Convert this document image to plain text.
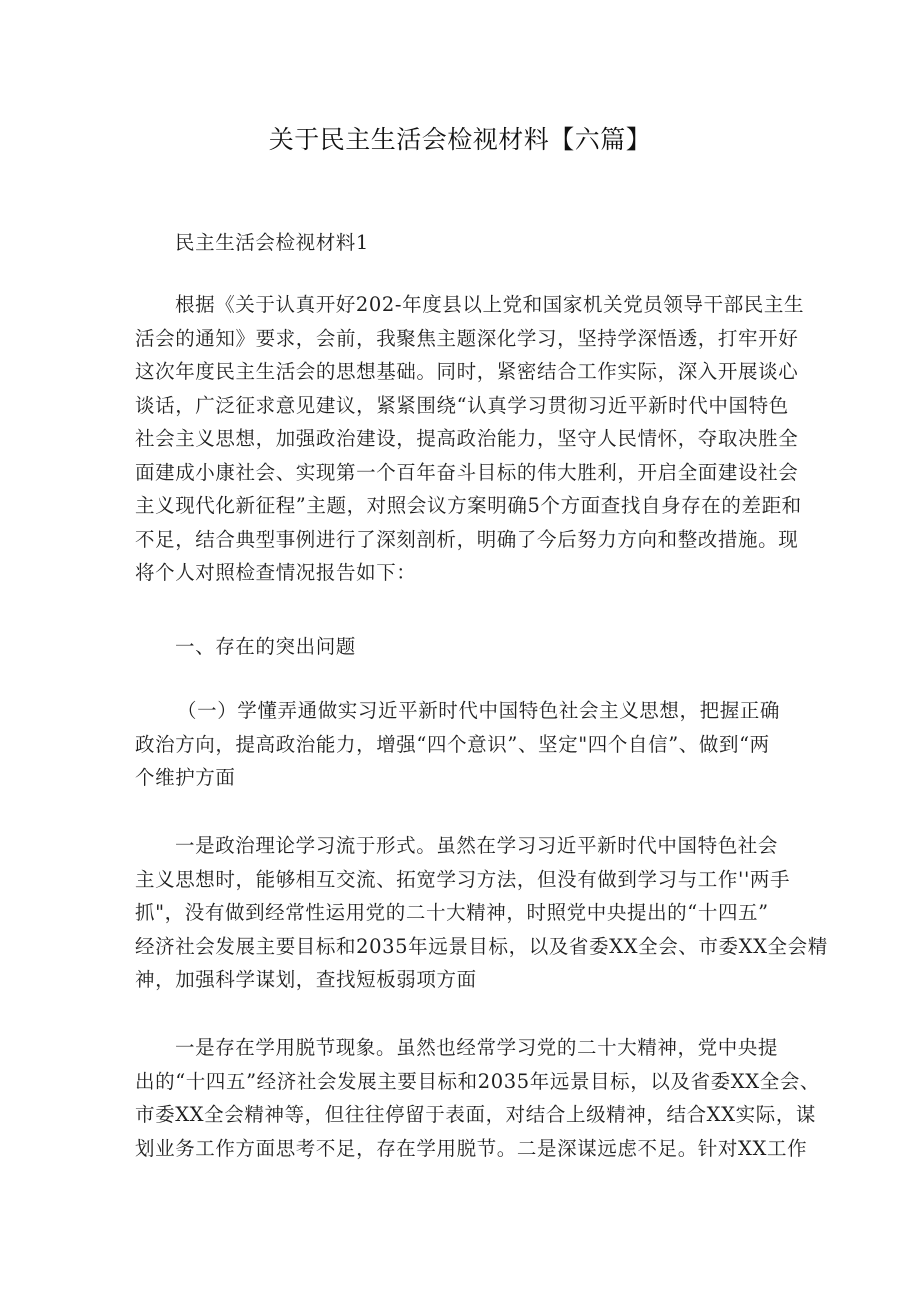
关于民主生活会检视材料【六篇】

民主生活会检视材料1

根据《关于认真开好202-年度县以上党和国家机关党员领导干部民主生

活会的通知》要求，会前，我聚焦主题深化学习，坚持学深悟透，打牢开好

这次年度民主生活会的思想基础。同时，紧密结合工作实际，深入开展谈心

谈话，广泛征求意见建议，紧紧围绕“认真学习贯彻习近平新时代中国特色

社会主义思想，加强政治建设，提高政治能力，坚守人民情怀，夺取决胜全

面建成小康社会、实现第一个百年奋斗目标的伟大胜利，开启全面建设社会

主义现代化新征程”主题，对照会议方案明确5个方面查找自身存在的差距和

不足，结合典型事例进行了深刻剖析，明确了今后努力方向和整改措施。现

将个人对照检查情况报告如下：

一、存在的突出问题

（一）学懂弄通做实习近平新时代中国特色社会主义思想，把握正确

政治方向，提高政治能力，增强“四个意识”、坚定"四个自信”、做到“两

个维护方面

一是政治理论学习流于形式。虽然在学习习近平新时代中国特色社会

主义思想时，能够相互交流、拓宽学习方法，但没有做到学习与工作''两手

抓"，没有做到经常性运用党的二十大精神，时照党中央提出的“十四五”

经济社会发展主要目标和2035年远景目标，以及省委XX全会、市委XX全会精

神，加强科学谋划，查找短板弱项方面

一是存在学用脱节现象。虽然也经常学习党的二十大精神，党中央提

出的“十四五”经济社会发展主要目标和2035年远景目标，以及省委XX全会、

市委XX全会精神等，但往往停留于表面，对结合上级精神，结合XX实际，谋

划业务工作方面思考不足，存在学用脱节。二是深谋远虑不足。针对XX工作
